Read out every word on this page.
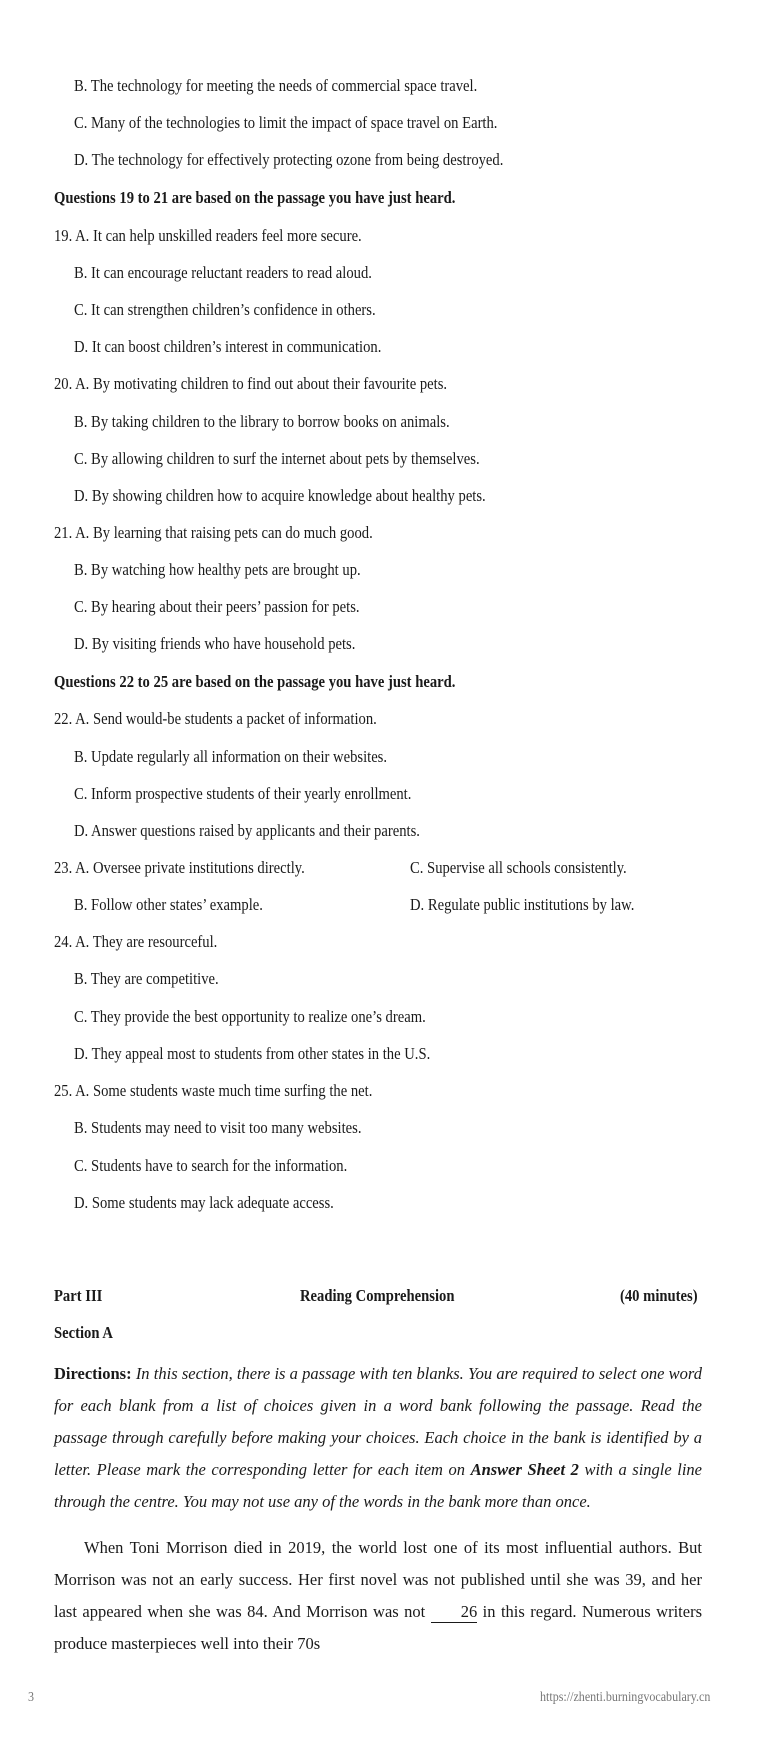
B. The technology for meeting the needs of commercial space travel.
C. Many of the technologies to limit the impact of space travel on Earth.
D. The technology for effectively protecting ozone from being destroyed.
Questions 19 to 21 are based on the passage you have just heard.
19. A. It can help unskilled readers feel more secure.
B. It can encourage reluctant readers to read aloud.
C. It can strengthen children’s confidence in others.
D. It can boost children’s interest in communication.
20. A. By motivating children to find out about their favourite pets.
B. By taking children to the library to borrow books on animals.
C. By allowing children to surf the internet about pets by themselves.
D. By showing children how to acquire knowledge about healthy pets.
21. A. By learning that raising pets can do much good.
B. By watching how healthy pets are brought up.
C. By hearing about their peers’ passion for pets.
D. By visiting friends who have household pets.
Questions 22 to 25 are based on the passage you have just heard.
22. A. Send would-be students a packet of information.
B. Update regularly all information on their websites.
C. Inform prospective students of their yearly enrollment.
D. Answer questions raised by applicants and their parents.
23. A. Oversee private institutions directly.	C. Supervise all schools consistently.
B. Follow other states’ example.	D. Regulate public institutions by law.
24. A. They are resourceful.
B. They are competitive.
C. They provide the best opportunity to realize one’s dream.
D. They appeal most to students from other states in the U.S.
25. A. Some students waste much time surfing the net.
B. Students may need to visit too many websites.
C. Students have to search for the information.
D. Some students may lack adequate access.
Part III	Reading Comprehension	(40 minutes)
Section A
Directions: In this section, there is a passage with ten blanks. You are required to select one word for each blank from a list of choices given in a word bank following the passage. Read the passage through carefully before making your choices. Each choice in the bank is identified by a letter. Please mark the corresponding letter for each item on Answer Sheet 2 with a single line through the centre. You may not use any of the words in the bank more than once.
When Toni Morrison died in 2019, the world lost one of its most influential authors. But Morrison was not an early success. Her first novel was not published until she was 39, and her last appeared when she was 84. And Morrison was not 26 in this regard. Numerous writers produce masterpieces well into their 70s
3	https://zhenti.burningvocabulary.cn
